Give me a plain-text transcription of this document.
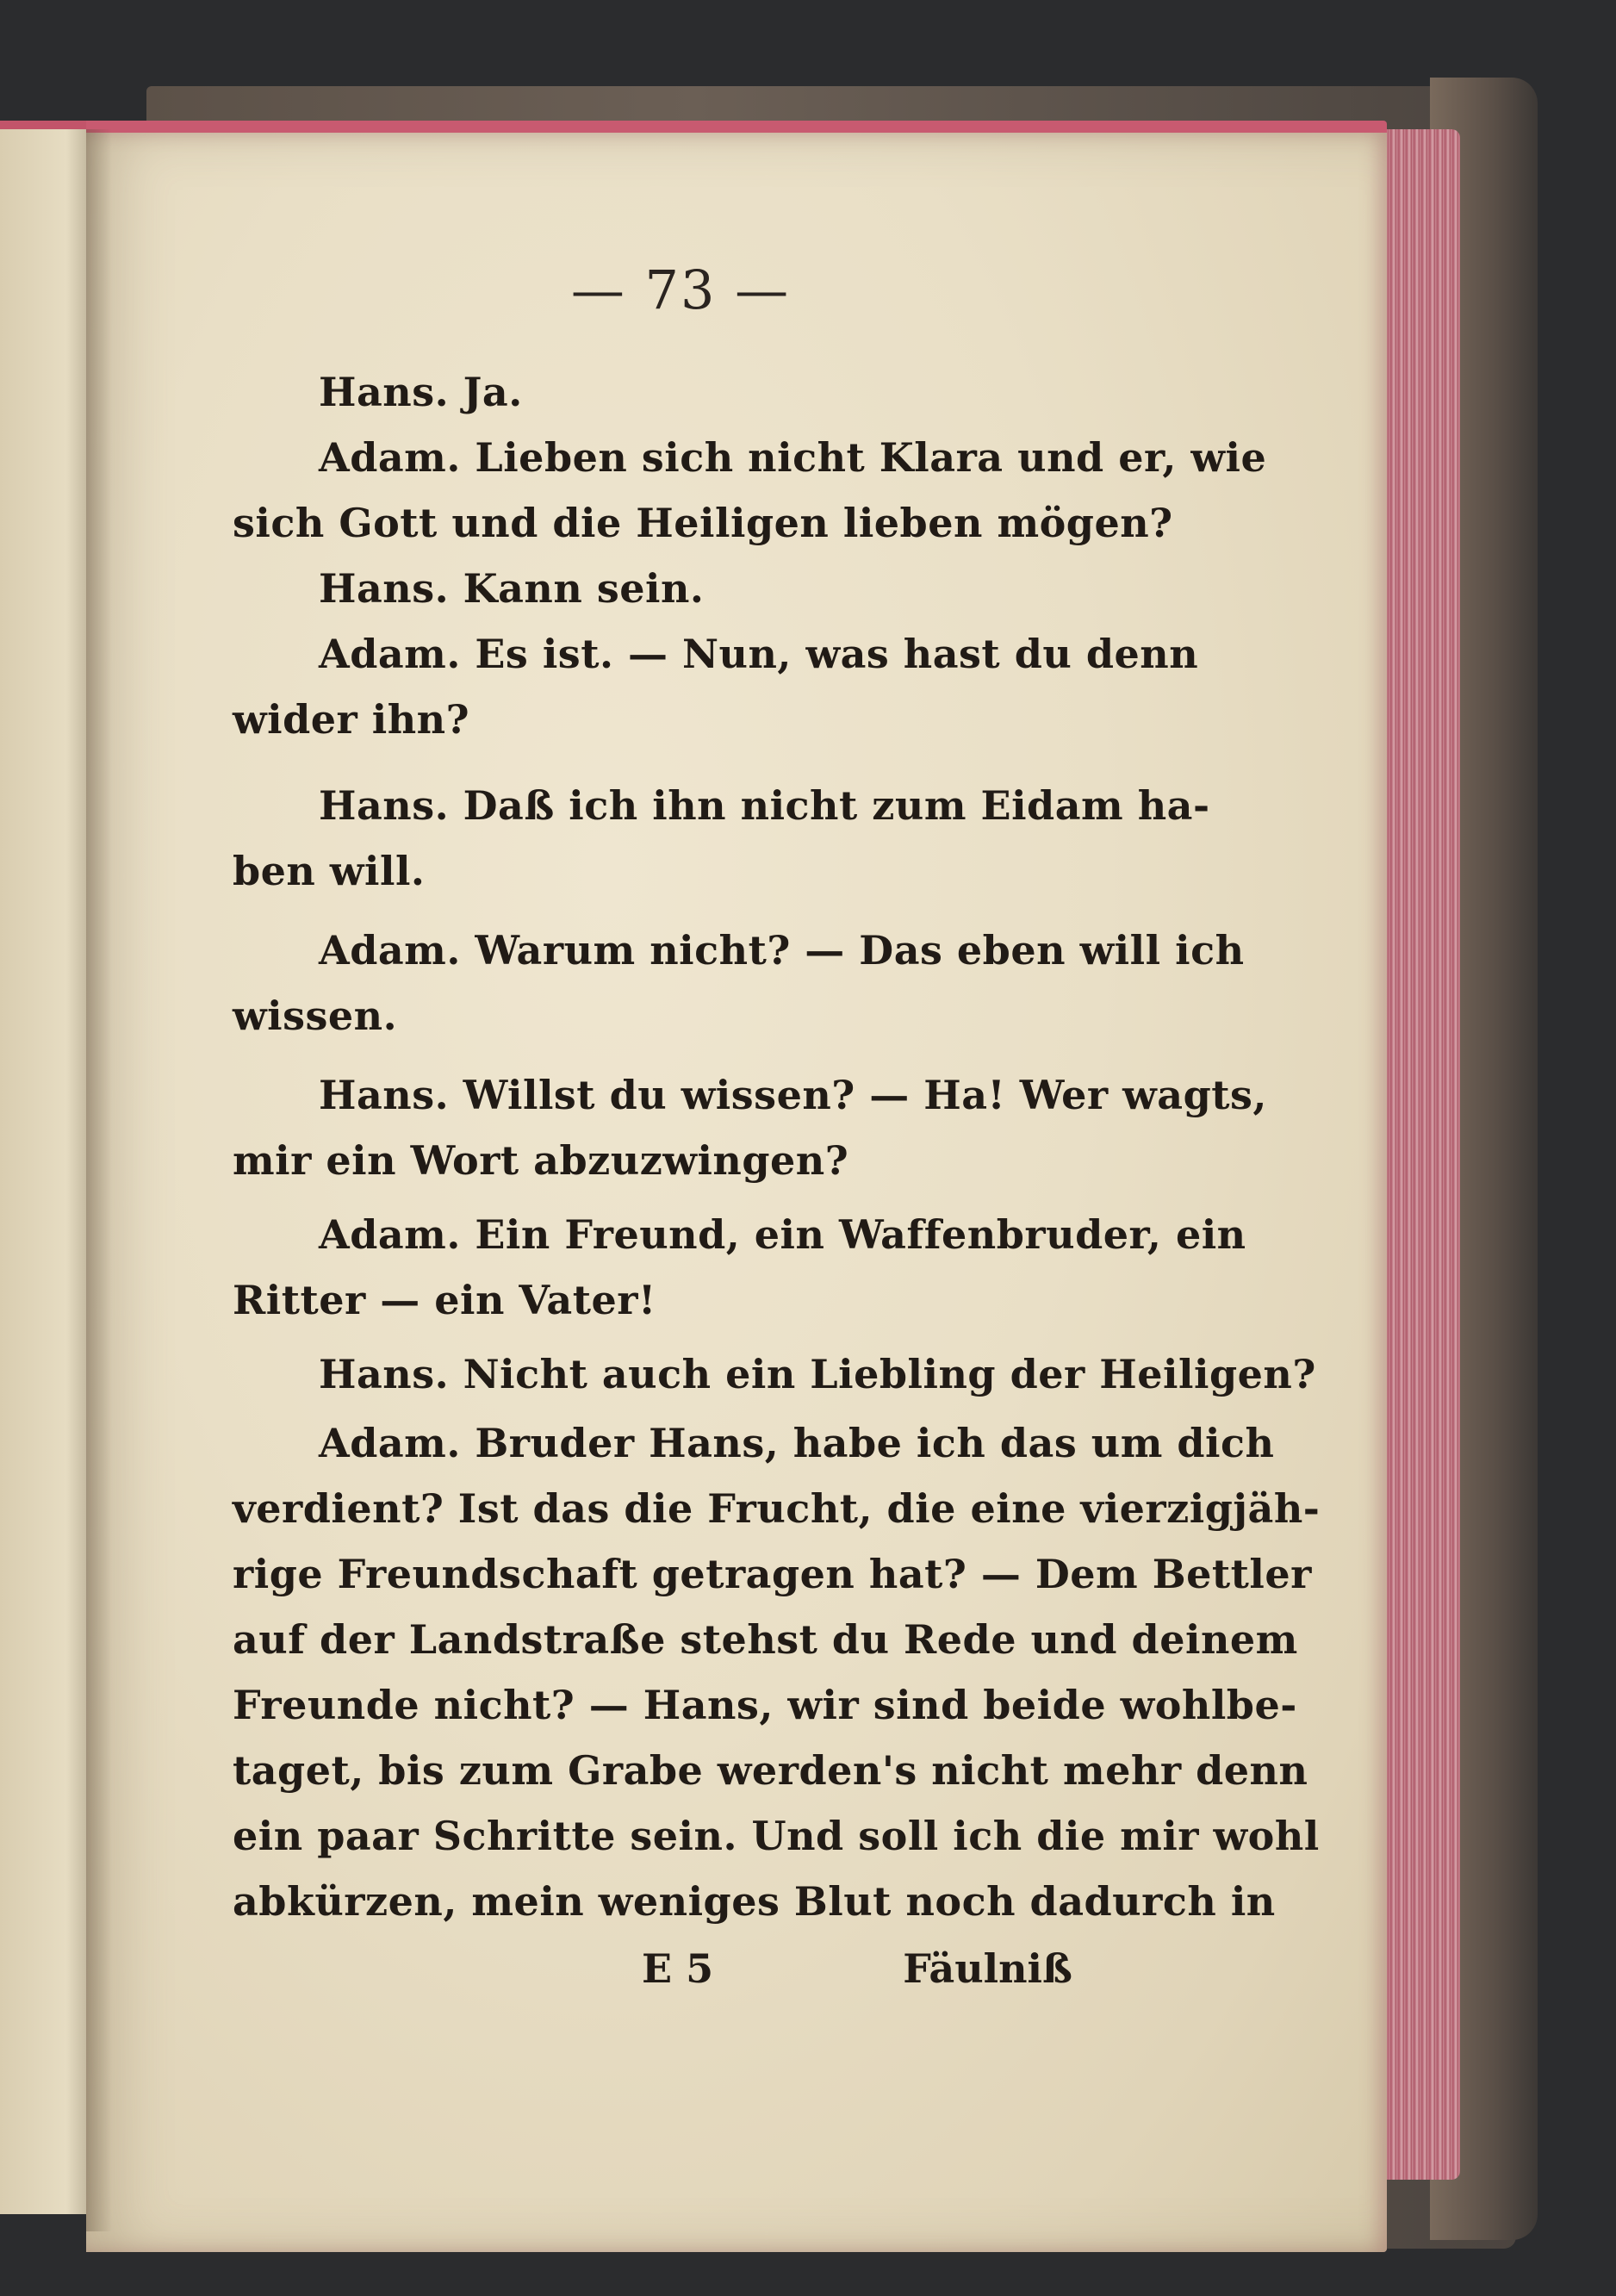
— 73 —
Hans. Ja.
Adam. Lieben sich nicht Klara und er, wie
sich Gott und die Heiligen lieben mögen?
Hans. Kann sein.
Adam. Es ist. — Nun, was hast du denn
wider ihn?
Hans. Daß ich ihn nicht zum Eidam ha-
ben will.
Adam. Warum nicht? — Das eben will ich
wissen.
Hans. Willst du wissen? — Ha! Wer wagts,
mir ein Wort abzuzwingen?
Adam. Ein Freund, ein Waffenbruder, ein
Ritter — ein Vater!
Hans. Nicht auch ein Liebling der Heiligen?
Adam. Bruder Hans, habe ich das um dich
verdient? Ist das die Frucht, die eine vierzigjäh-
rige Freundschaft getragen hat? — Dem Bettler
auf der Landstraße stehst du Rede und deinem
Freunde nicht? — Hans, wir sind beide wohlbe-
taget, bis zum Grabe werden's nicht mehr denn
ein paar Schritte sein. Und soll ich die mir wohl
abkürzen, mein weniges Blut noch dadurch in
E 5	Fäulniß
